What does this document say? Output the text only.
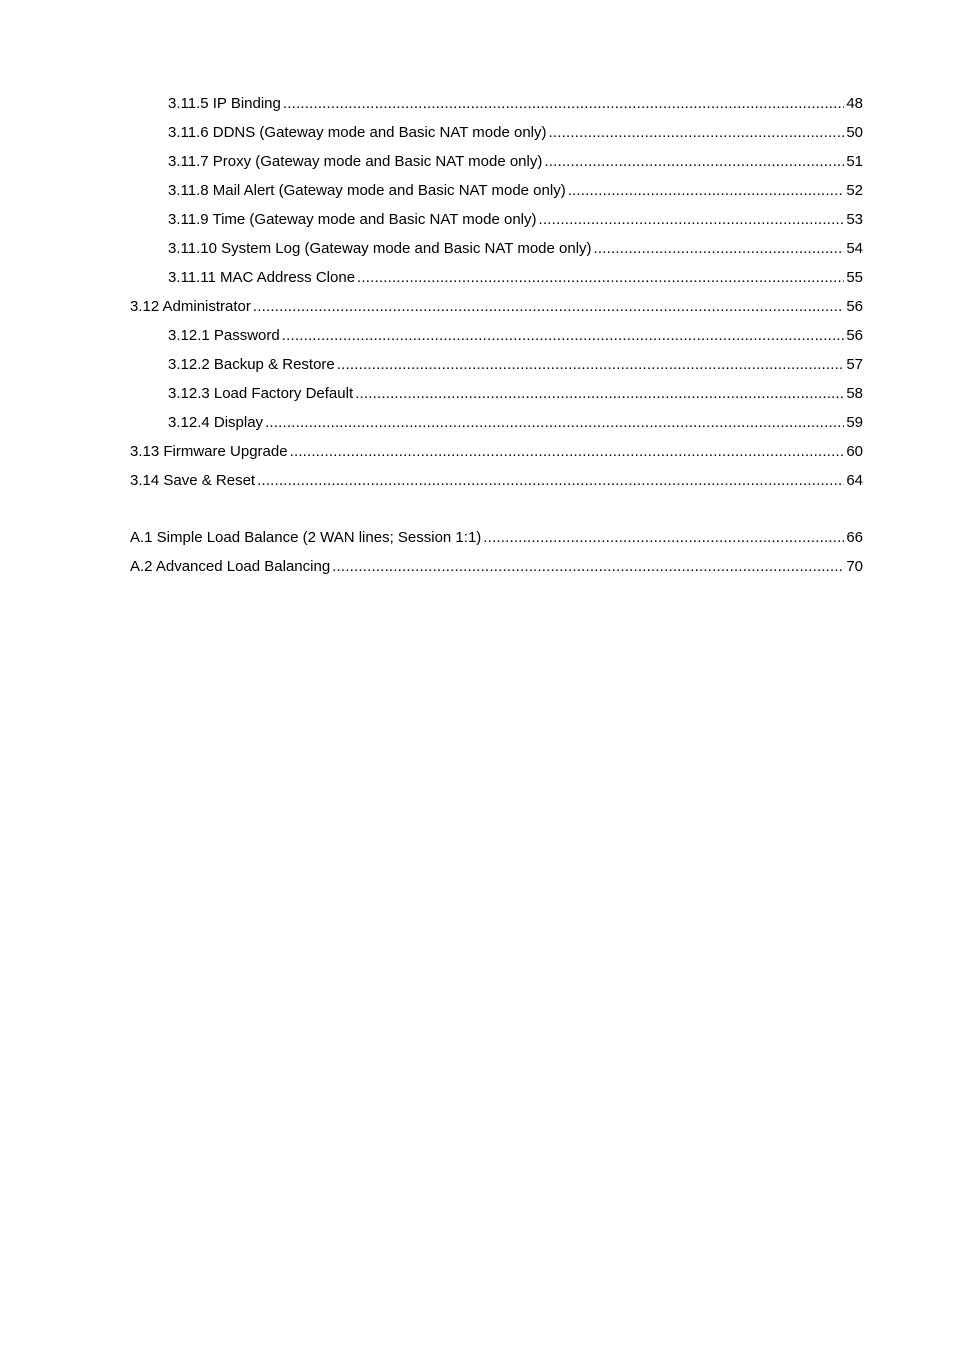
3.11.5 IP Binding .....	48
3.11.6 DDNS (Gateway mode and Basic NAT mode only) .....	50
3.11.7 Proxy (Gateway mode and Basic NAT mode only) .....	51
3.11.8 Mail Alert (Gateway mode and Basic NAT mode only) .....	52
3.11.9 Time (Gateway mode and Basic NAT mode only) .....	53
3.11.10 System Log (Gateway mode and Basic NAT mode only) .....	54
3.11.11 MAC Address Clone .....	55
3.12 Administrator .....	56
3.12.1 Password .....	56
3.12.2 Backup & Restore .....	57
3.12.3 Load Factory Default .....	58
3.12.4 Display .....	59
3.13 Firmware Upgrade .....	60
3.14 Save & Reset .....	64
A.1 Simple Load Balance (2 WAN lines; Session 1:1) .....	66
A.2 Advanced Load Balancing .....	70
